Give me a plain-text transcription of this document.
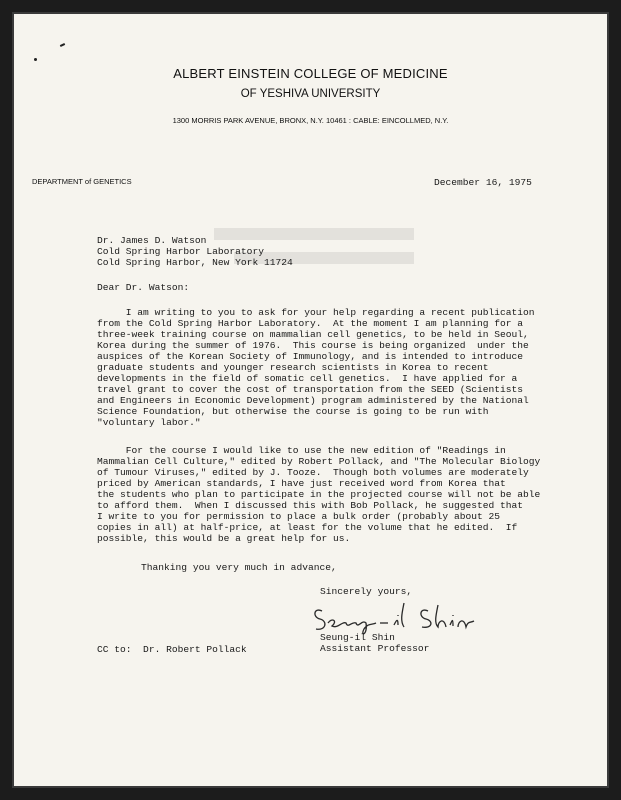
ALBERT EINSTEIN COLLEGE OF MEDICINE
OF YESHIVA UNIVERSITY
1300 MORRIS PARK AVENUE, BRONX, N.Y. 10461 : CABLE: EINCOLLMED, N.Y.
DEPARTMENT of GENETICS	December 16, 1975
Dr. James D. Watson
Cold Spring Harbor Laboratory
Cold Spring Harbor, New York 11724
Dear Dr. Watson:
I am writing to you to ask for your help regarding a recent publication
from the Cold Spring Harbor Laboratory.  At the moment I am planning for a
three-week training course on mammalian cell genetics, to be held in Seoul,
Korea during the summer of 1976.  This course is being organized  under the
auspices of the Korean Society of Immunology, and is intended to introduce
graduate students and younger research scientists in Korea to recent
developments in the field of somatic cell genetics.  I have applied for a
travel grant to cover the cost of transportation from the SEED (Scientists
and Engineers in Economic Development) program administered by the National
Science Foundation, but otherwise the course is going to be run with
"voluntary labor."
For the course I would like to use the new edition of "Readings in
Mammalian Cell Culture," edited by Robert Pollack, and "The Molecular Biology
of Tumour Viruses," edited by J. Tooze.  Though both volumes are moderately
priced by American standards, I have just received word from Korea that
the students who plan to participate in the projected course will not be able
to afford them.  When I discussed this with Bob Pollack, he suggested that
I write to you for permission to place a bulk order (probably about 25
copies in all) at half-price, at least for the volume that he edited.  If
possible, this would be a great help for us.
Thanking you very much in advance,
Sincerely yours,
Seung-il Shin
Assistant Professor
CC to:  Dr. Robert Pollack
